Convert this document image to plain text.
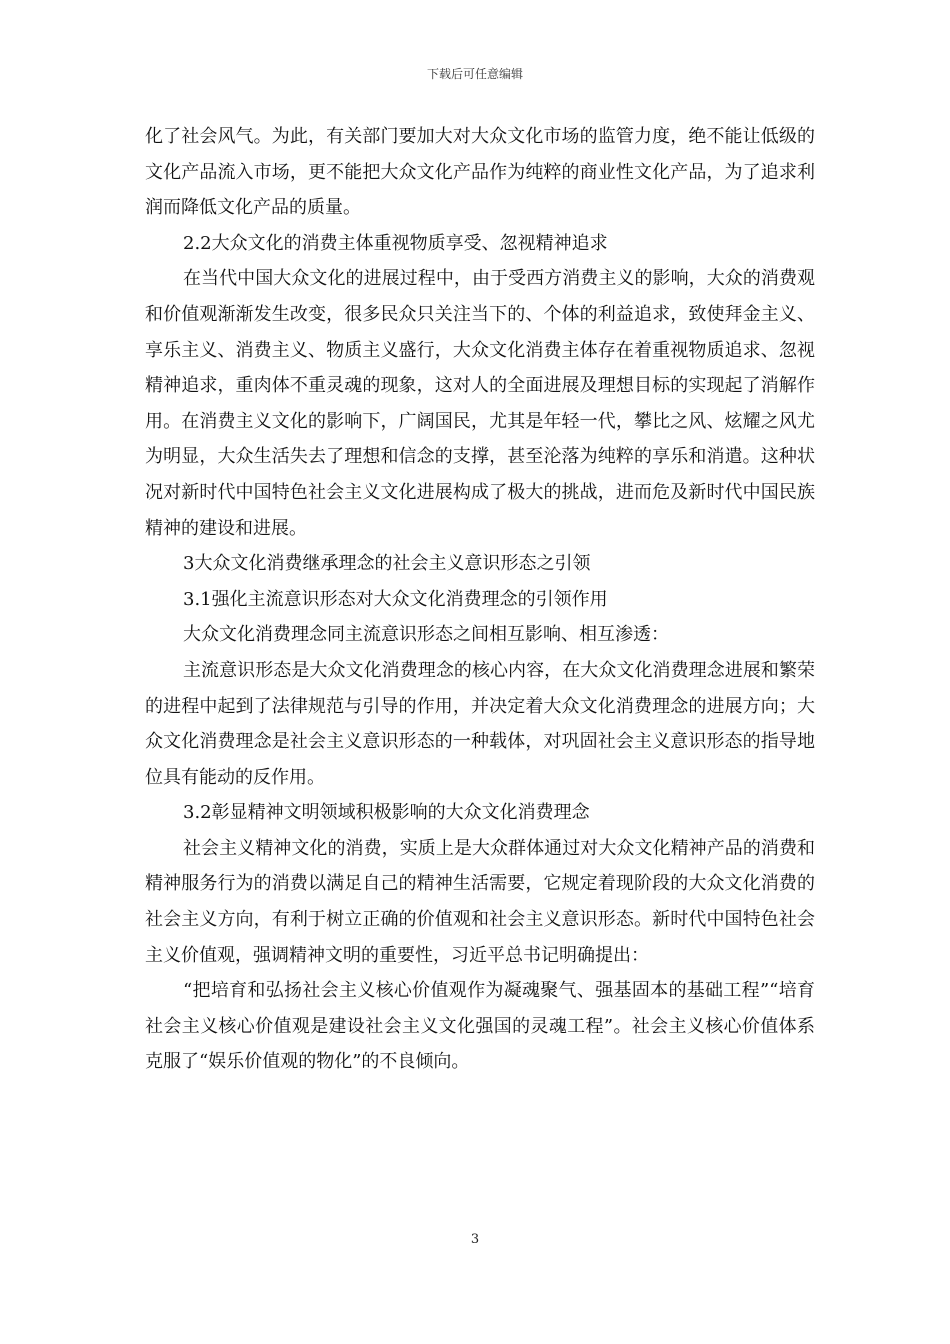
下载后可任意编辑

化了社会风气。为此，有关部门要加大对大众文化市场的监管力度，绝不能让低级的文化产品流入市场，更不能把大众文化产品作为纯粹的商业性文化产品，为了追求利润而降低文化产品的质量。

2.2大众文化的消费主体重视物质享受、忽视精神追求

在当代中国大众文化的进展过程中，由于受西方消费主义的影响，大众的消费观和价值观渐渐发生改变，很多民众只关注当下的、个体的利益追求，致使拜金主义、享乐主义、消费主义、物质主义盛行，大众文化消费主体存在着重视物质追求、忽视精神追求，重肉体不重灵魂的现象，这对人的全面进展及理想目标的实现起了消解作用。在消费主义文化的影响下，广阔国民，尤其是年轻一代，攀比之风、炫耀之风尤为明显，大众生活失去了理想和信念的支撑，甚至沦落为纯粹的享乐和消遣。这种状况对新时代中国特色社会主义文化进展构成了极大的挑战，进而危及新时代中国民族精神的建设和进展。

3大众文化消费继承理念的社会主义意识形态之引领

3.1强化主流意识形态对大众文化消费理念的引领作用

大众文化消费理念同主流意识形态之间相互影响、相互渗透：

主流意识形态是大众文化消费理念的核心内容，在大众文化消费理念进展和繁荣的进程中起到了法律规范与引导的作用，并决定着大众文化消费理念的进展方向；大众文化消费理念是社会主义意识形态的一种载体，对巩固社会主义意识形态的指导地位具有能动的反作用。

3.2彰显精神文明领域积极影响的大众文化消费理念

社会主义精神文化的消费，实质上是大众群体通过对大众文化精神产品的消费和精神服务行为的消费以满足自己的精神生活需要，它规定着现阶段的大众文化消费的社会主义方向，有利于树立正确的价值观和社会主义意识形态。新时代中国特色社会主义价值观，强调精神文明的重要性，习近平总书记明确提出：

“把培育和弘扬社会主义核心价值观作为凝魂聚气、强基固本的基础工程”“培育社会主义核心价值观是建设社会主义文化强国的灵魂工程”。社会主义核心价值体系克服了“娱乐价值观的物化”的不良倾向。

3
